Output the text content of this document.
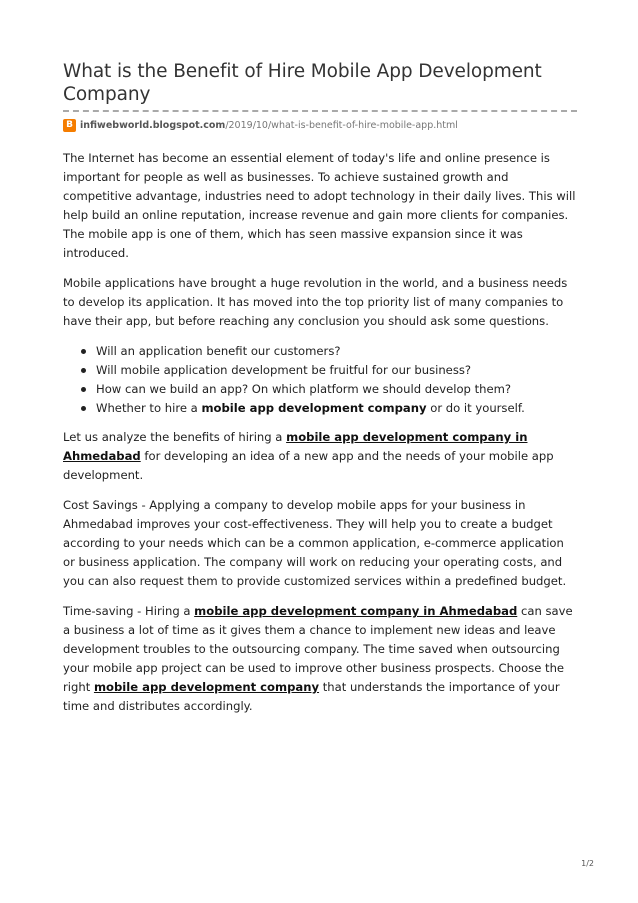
What is the Benefit of Hire Mobile App Development Company
B infiwebworld.blogspot.com /2019/10/what-is-benefit-of-hire-mobile-app.html

The Internet has become an essential element of today's life and online presence is important for people as well as businesses. To achieve sustained growth and competitive advantage, industries need to adopt technology in their daily lives. This will help build an online reputation, increase revenue and gain more clients for companies. The mobile app is one of them, which has seen massive expansion since it was introduced.

Mobile applications have brought a huge revolution in the world, and a business needs to develop its application. It has moved into the top priority list of many companies to have their app, but before reaching any conclusion you should ask some questions.

Will an application benefit our customers?
Will mobile application development be fruitful for our business?
How can we build an app? On which platform we should develop them?
Whether to hire a mobile app development company or do it yourself.

Let us analyze the benefits of hiring a mobile app development company in Ahmedabad for developing an idea of a new app and the needs of your mobile app development.

Cost Savings - Applying a company to develop mobile apps for your business in Ahmedabad improves your cost-effectiveness. They will help you to create a budget according to your needs which can be a common application, e-commerce application or business application. The company will work on reducing your operating costs, and you can also request them to provide customized services within a predefined budget.

Time-saving - Hiring a mobile app development company in Ahmedabad can save a business a lot of time as it gives them a chance to implement new ideas and leave development troubles to the outsourcing company. The time saved when outsourcing your mobile app project can be used to improve other business prospects. Choose the right mobile app development company that understands the importance of your time and distributes accordingly.

1/2
